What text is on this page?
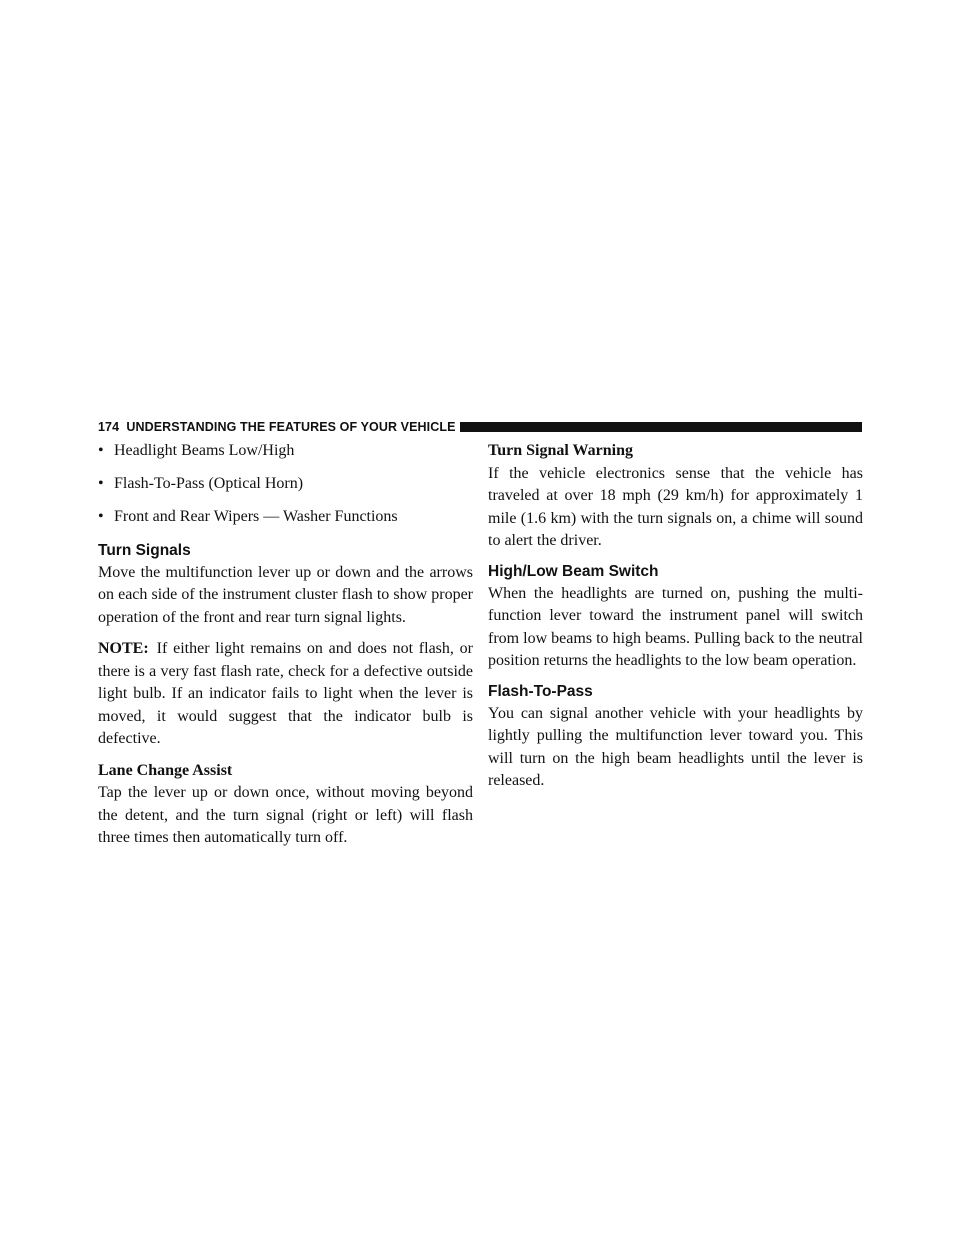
174 UNDERSTANDING THE FEATURES OF YOUR VEHICLE
• Headlight Beams Low/High
• Flash-To-Pass (Optical Horn)
• Front and Rear Wipers — Washer Functions
Turn Signals

Move the multifunction lever up or down and the arrows on each side of the instrument cluster flash to show proper operation of the front and rear turn signal lights.

NOTE: If either light remains on and does not flash, or there is a very fast flash rate, check for a defective outside light bulb. If an indicator fails to light when the lever is moved, it would suggest that the indicator bulb is defective.

Lane Change Assist

Tap the lever up or down once, without moving beyond the detent, and the turn signal (right or left) will flash three times then automatically turn off.

Turn Signal Warning

If the vehicle electronics sense that the vehicle has traveled at over 18 mph (29 km/h) for approximately 1 mile (1.6 km) with the turn signals on, a chime will sound to alert the driver.

High/Low Beam Switch

When the headlights are turned on, pushing the multi-function lever toward the instrument panel will switch from low beams to high beams. Pulling back to the neutral position returns the headlights to the low beam operation.

Flash-To-Pass

You can signal another vehicle with your headlights by lightly pulling the multifunction lever toward you. This will turn on the high beam headlights until the lever is released.
